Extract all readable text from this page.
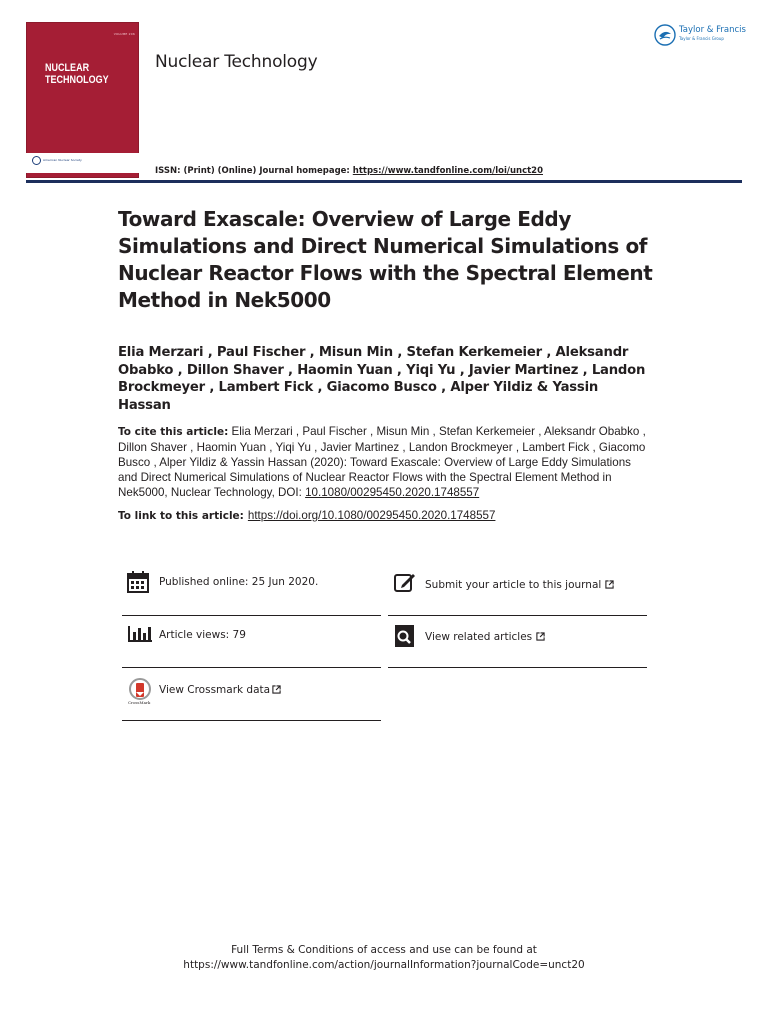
VOLUME 206
NUCLEAR
TECHNOLOGY
American Nuclear Society
Nuclear Technology
ISSN: (Print) (Online) Journal homepage: https://www.tandfonline.com/loi/unct20
Taylor & Francis
Taylor & Francis Group
Toward Exascale: Overview of Large Eddy Simulations and Direct Numerical Simulations of Nuclear Reactor Flows with the Spectral Element Method in Nek5000
Elia Merzari , Paul Fischer , Misun Min , Stefan Kerkemeier , Aleksandr Obabko , Dillon Shaver , Haomin Yuan , Yiqi Yu , Javier Martinez , Landon Brockmeyer , Lambert Fick , Giacomo Busco , Alper Yildiz & Yassin Hassan
To cite this article: Elia Merzari , Paul Fischer , Misun Min , Stefan Kerkemeier , Aleksandr Obabko , Dillon Shaver , Haomin Yuan , Yiqi Yu , Javier Martinez , Landon Brockmeyer , Lambert Fick , Giacomo Busco , Alper Yildiz & Yassin Hassan (2020): Toward Exascale: Overview of Large Eddy Simulations and Direct Numerical Simulations of Nuclear Reactor Flows with the Spectral Element Method in Nek5000, Nuclear Technology, DOI: 10.1080/00295450.2020.1748557
To link to this article: https://doi.org/10.1080/00295450.2020.1748557
Published online: 25 Jun 2020.	Submit your article to this journal
Article views: 79	View related articles
CrossMark
View Crossmark data
Full Terms & Conditions of access and use can be found at
https://www.tandfonline.com/action/journalInformation?journalCode=unct20
